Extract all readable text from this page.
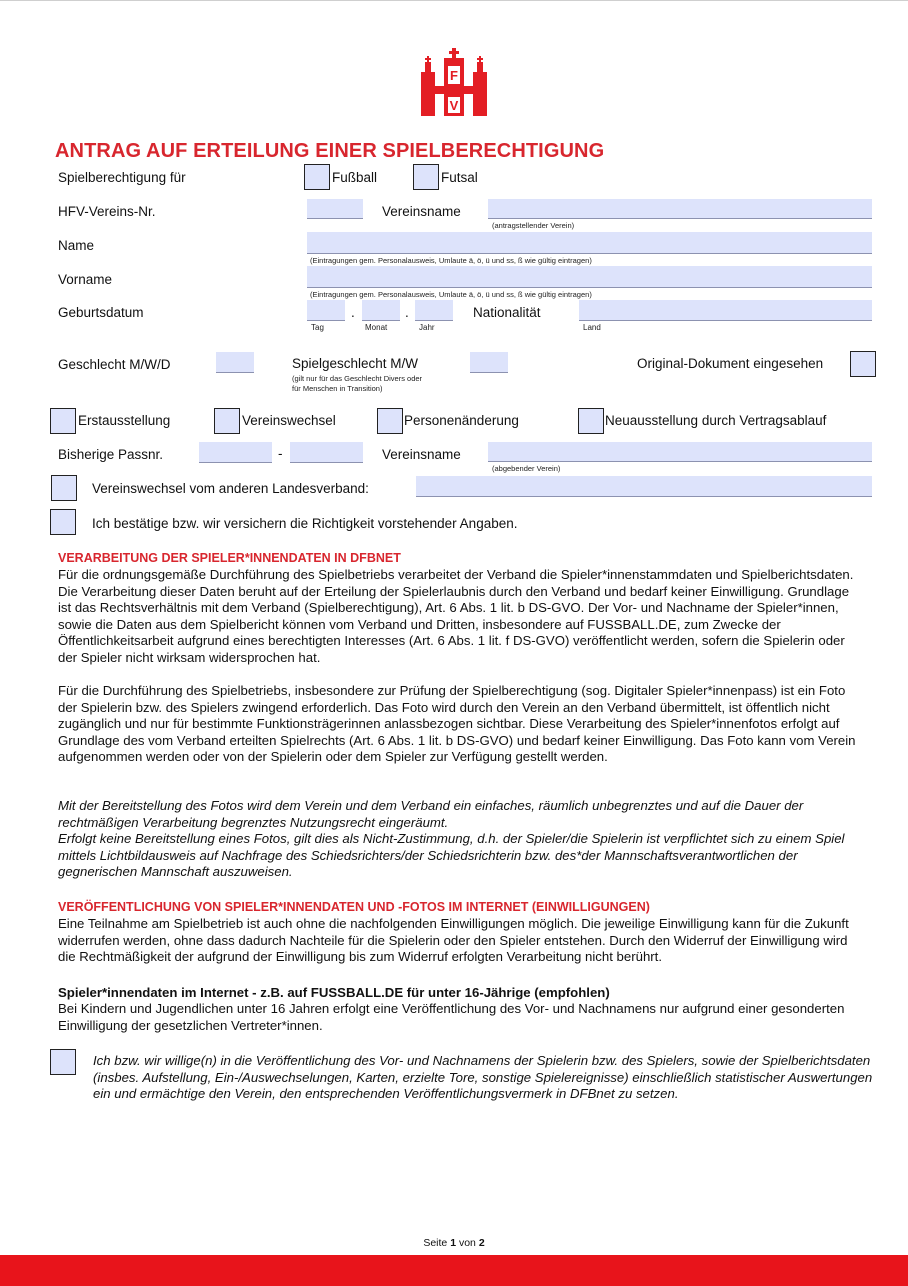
F
V
ANTRAG AUF ERTEILUNG EINER SPIELBERECHTIGUNG
Spielberechtigung für	Fußball	Futsal
HFV-Vereins-Nr.	Vereinsname
(antragstellender Verein)
Name
(Eintragungen gem. Personalausweis, Umlaute ä, ö, ü und ss, ß wie gültig eintragen)
Vorname
(Eintragungen gem. Personalausweis, Umlaute ä, ö, ü und ss, ß wie gültig eintragen)
Geburtsdatum	.	.
Tag	Monat	Jahr
Nationalität
Land
Geschlecht M/W/D	Spielgeschlecht M/W
(gilt nur für das Geschlecht Divers oder
für Menschen in Transition)
Original-Dokument eingesehen
Erstausstellung	Vereinswechsel	Personenänderung	Neuausstellung durch Vertragsablauf
Bisherige Passnr.	-	Vereinsname
(abgebender Verein)
Vereinswechsel vom anderen Landesverband:
Ich bestätige bzw. wir versichern die Richtigkeit vorstehender Angaben.
VERARBEITUNG DER SPIELER*INNENDATEN IN DFBNET
Für die ordnungsgemäße Durchführung des Spielbetriebs verarbeitet der Verband die Spieler*innenstammdaten und Spielberichtsdaten. Die Verarbeitung dieser Daten beruht auf der Erteilung der Spielerlaubnis durch den Verband und bedarf keiner Einwilligung. Grundlage ist das Rechtsverhältnis mit dem Verband (Spielberechtigung), Art. 6 Abs. 1 lit. b DS-GVO. Der Vor- und Nachname der Spieler*innen, sowie die Daten aus dem Spielbericht können vom Verband und Dritten, insbesondere auf FUSSBALL.DE, zum Zwecke der Öffentlichkeitsarbeit aufgrund eines berechtigten Interesses (Art. 6 Abs. 1 lit. f DS-GVO) veröffentlicht werden, sofern die Spielerin oder der Spieler nicht wirksam widersprochen hat.
Für die Durchführung des Spielbetriebs, insbesondere zur Prüfung der Spielberechtigung (sog. Digitaler Spieler*innenpass) ist ein Foto der Spielerin bzw. des Spielers zwingend erforderlich. Das Foto wird durch den Verein an den Verband übermittelt, ist öffentlich nicht zugänglich und nur für bestimmte Funktionsträgerinnen anlassbezogen sichtbar. Diese Verarbeitung des Spieler*innenfotos erfolgt auf Grundlage des vom Verband erteilten Spielrechts (Art. 6 Abs. 1 lit. b DS-GVO) und bedarf keiner Einwilligung. Das Foto kann vom Verein aufgenommen werden oder von der Spielerin oder dem Spieler zur Verfügung gestellt werden.
Mit der Bereitstellung des Fotos wird dem Verein und dem Verband ein einfaches, räumlich unbegrenztes und auf die Dauer der rechtmäßigen Verarbeitung begrenztes Nutzungsrecht eingeräumt.
Erfolgt keine Bereitstellung eines Fotos, gilt dies als Nicht-Zustimmung, d.h. der Spieler/die Spielerin ist verpflichtet sich zu einem Spiel mittels Lichtbildausweis auf Nachfrage des Schiedsrichters/der Schiedsrichterin bzw. des*der Mannschaftsverantwortlichen der gegnerischen Mannschaft auszuweisen.
VERÖFFENTLICHUNG VON SPIELER*INNENDATEN UND -FOTOS IM INTERNET (EINWILLIGUNGEN)
Eine Teilnahme am Spielbetrieb ist auch ohne die nachfolgenden Einwilligungen möglich. Die jeweilige Einwilligung kann für die Zukunft widerrufen werden, ohne dass dadurch Nachteile für die Spielerin oder den Spieler entstehen. Durch den Widerruf der Einwilligung wird die Rechtmäßigkeit der aufgrund der Einwilligung bis zum Widerruf erfolgten Verarbeitung nicht berührt.
Spieler*innendaten im Internet - z.B. auf FUSSBALL.DE für unter 16-Jährige (empfohlen)
Bei Kindern und Jugendlichen unter 16 Jahren erfolgt eine Veröffentlichung des Vor- und Nachnamens nur aufgrund einer gesonderten Einwilligung der gesetzlichen Vertreter*innen.
Ich bzw. wir willige(n) in die Veröffentlichung des Vor- und Nachnamens der Spielerin bzw. des Spielers, sowie der Spielberichtsdaten (insbes. Aufstellung, Ein-/Auswechselungen, Karten, erzielte Tore, sonstige Spielereignisse) einschließlich statistischer Auswertungen ein und ermächtige den Verein, den entsprechenden Veröffentlichungsvermerk in DFBnet zu setzen.
Seite 1 von 2
